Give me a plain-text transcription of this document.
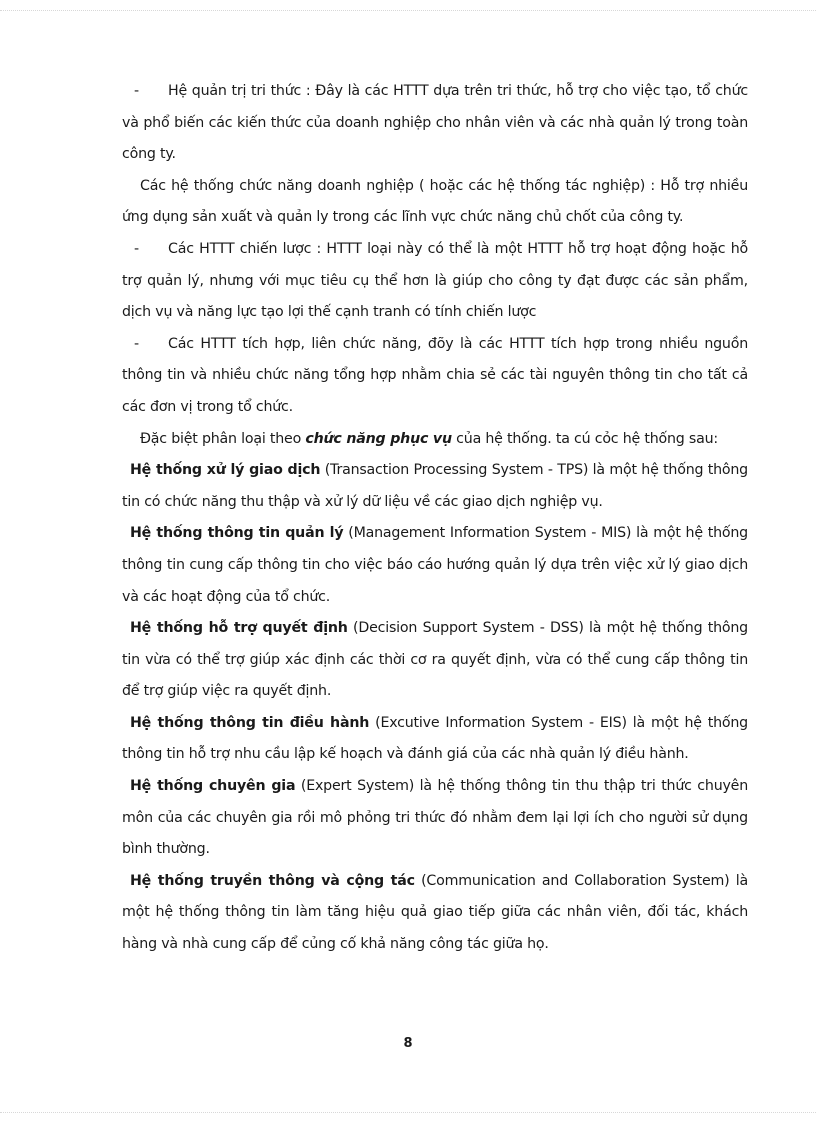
- Hệ quản trị tri thức : Đây là các HTTT dựa trên tri thức, hỗ trợ cho việc tạo, tổ chức và phổ biến các kiến thức của doanh nghiệp cho nhân viên và các nhà quản lý trong toàn công ty.

Các hệ thống chức năng doanh nghiệp ( hoặc các hệ thống tác nghiệp) : Hỗ trợ nhiều ứng dụng sản xuất và quản ly trong các lĩnh vực chức năng chủ chốt của công ty.

- Các HTTT chiến lược : HTTT loại này có thể là một HTTT hỗ trợ hoạt động hoặc hỗ trợ quản lý, nhưng với mục tiêu cụ thể hơn là giúp cho công ty đạt được các sản phẩm, dịch vụ và năng lực tạo lợi thế cạnh tranh có tính chiến lược

- Các HTTT tích hợp, liên chức năng, đõy là các HTTT tích hợp trong nhiều nguồn thông tin và nhiều chức năng tổng hợp nhằm chia sẻ các tài nguyên thông tin cho tất cả các đơn vị trong tổ chức.

Đặc biệt phân loại theo chức năng phục vụ của hệ thống. ta cú cỏc hệ thống sau:

Hệ thống xử lý giao dịch (Transaction Processing System - TPS) là một hệ thống thông tin có chức năng thu thập và xử lý dữ liệu về các giao dịch nghiệp vụ.

Hệ thống thông tin quản lý (Management Information System - MIS) là một hệ thống thông tin cung cấp thông tin cho việc báo cáo hướng quản lý dựa trên việc xử lý giao dịch và các hoạt động của tổ chức.

Hệ thống hỗ trợ quyết định (Decision Support System - DSS) là một hệ thống thông tin vừa có thể trợ giúp xác định các thời cơ ra quyết định, vừa có thể cung cấp thông tin để trợ giúp việc ra quyết định.

Hệ thống thông tin điều hành (Excutive Information System - EIS) là một hệ thống thông tin hỗ trợ nhu cầu lập kế hoạch và đánh giá của các nhà quản lý điều hành.

Hệ thống chuyên gia (Expert System) là hệ thống thông tin thu thập tri thức chuyên môn của các chuyên gia rồi mô phỏng tri thức đó nhằm đem lại lợi ích cho người sử dụng bình thường.

Hệ thống truyền thông và cộng tác (Communication and Collaboration System) là một hệ thống thông tin làm tăng hiệu quả giao tiếp giữa các nhân viên, đối tác, khách hàng và nhà cung cấp để củng cố khả năng công tác giữa họ.

8
